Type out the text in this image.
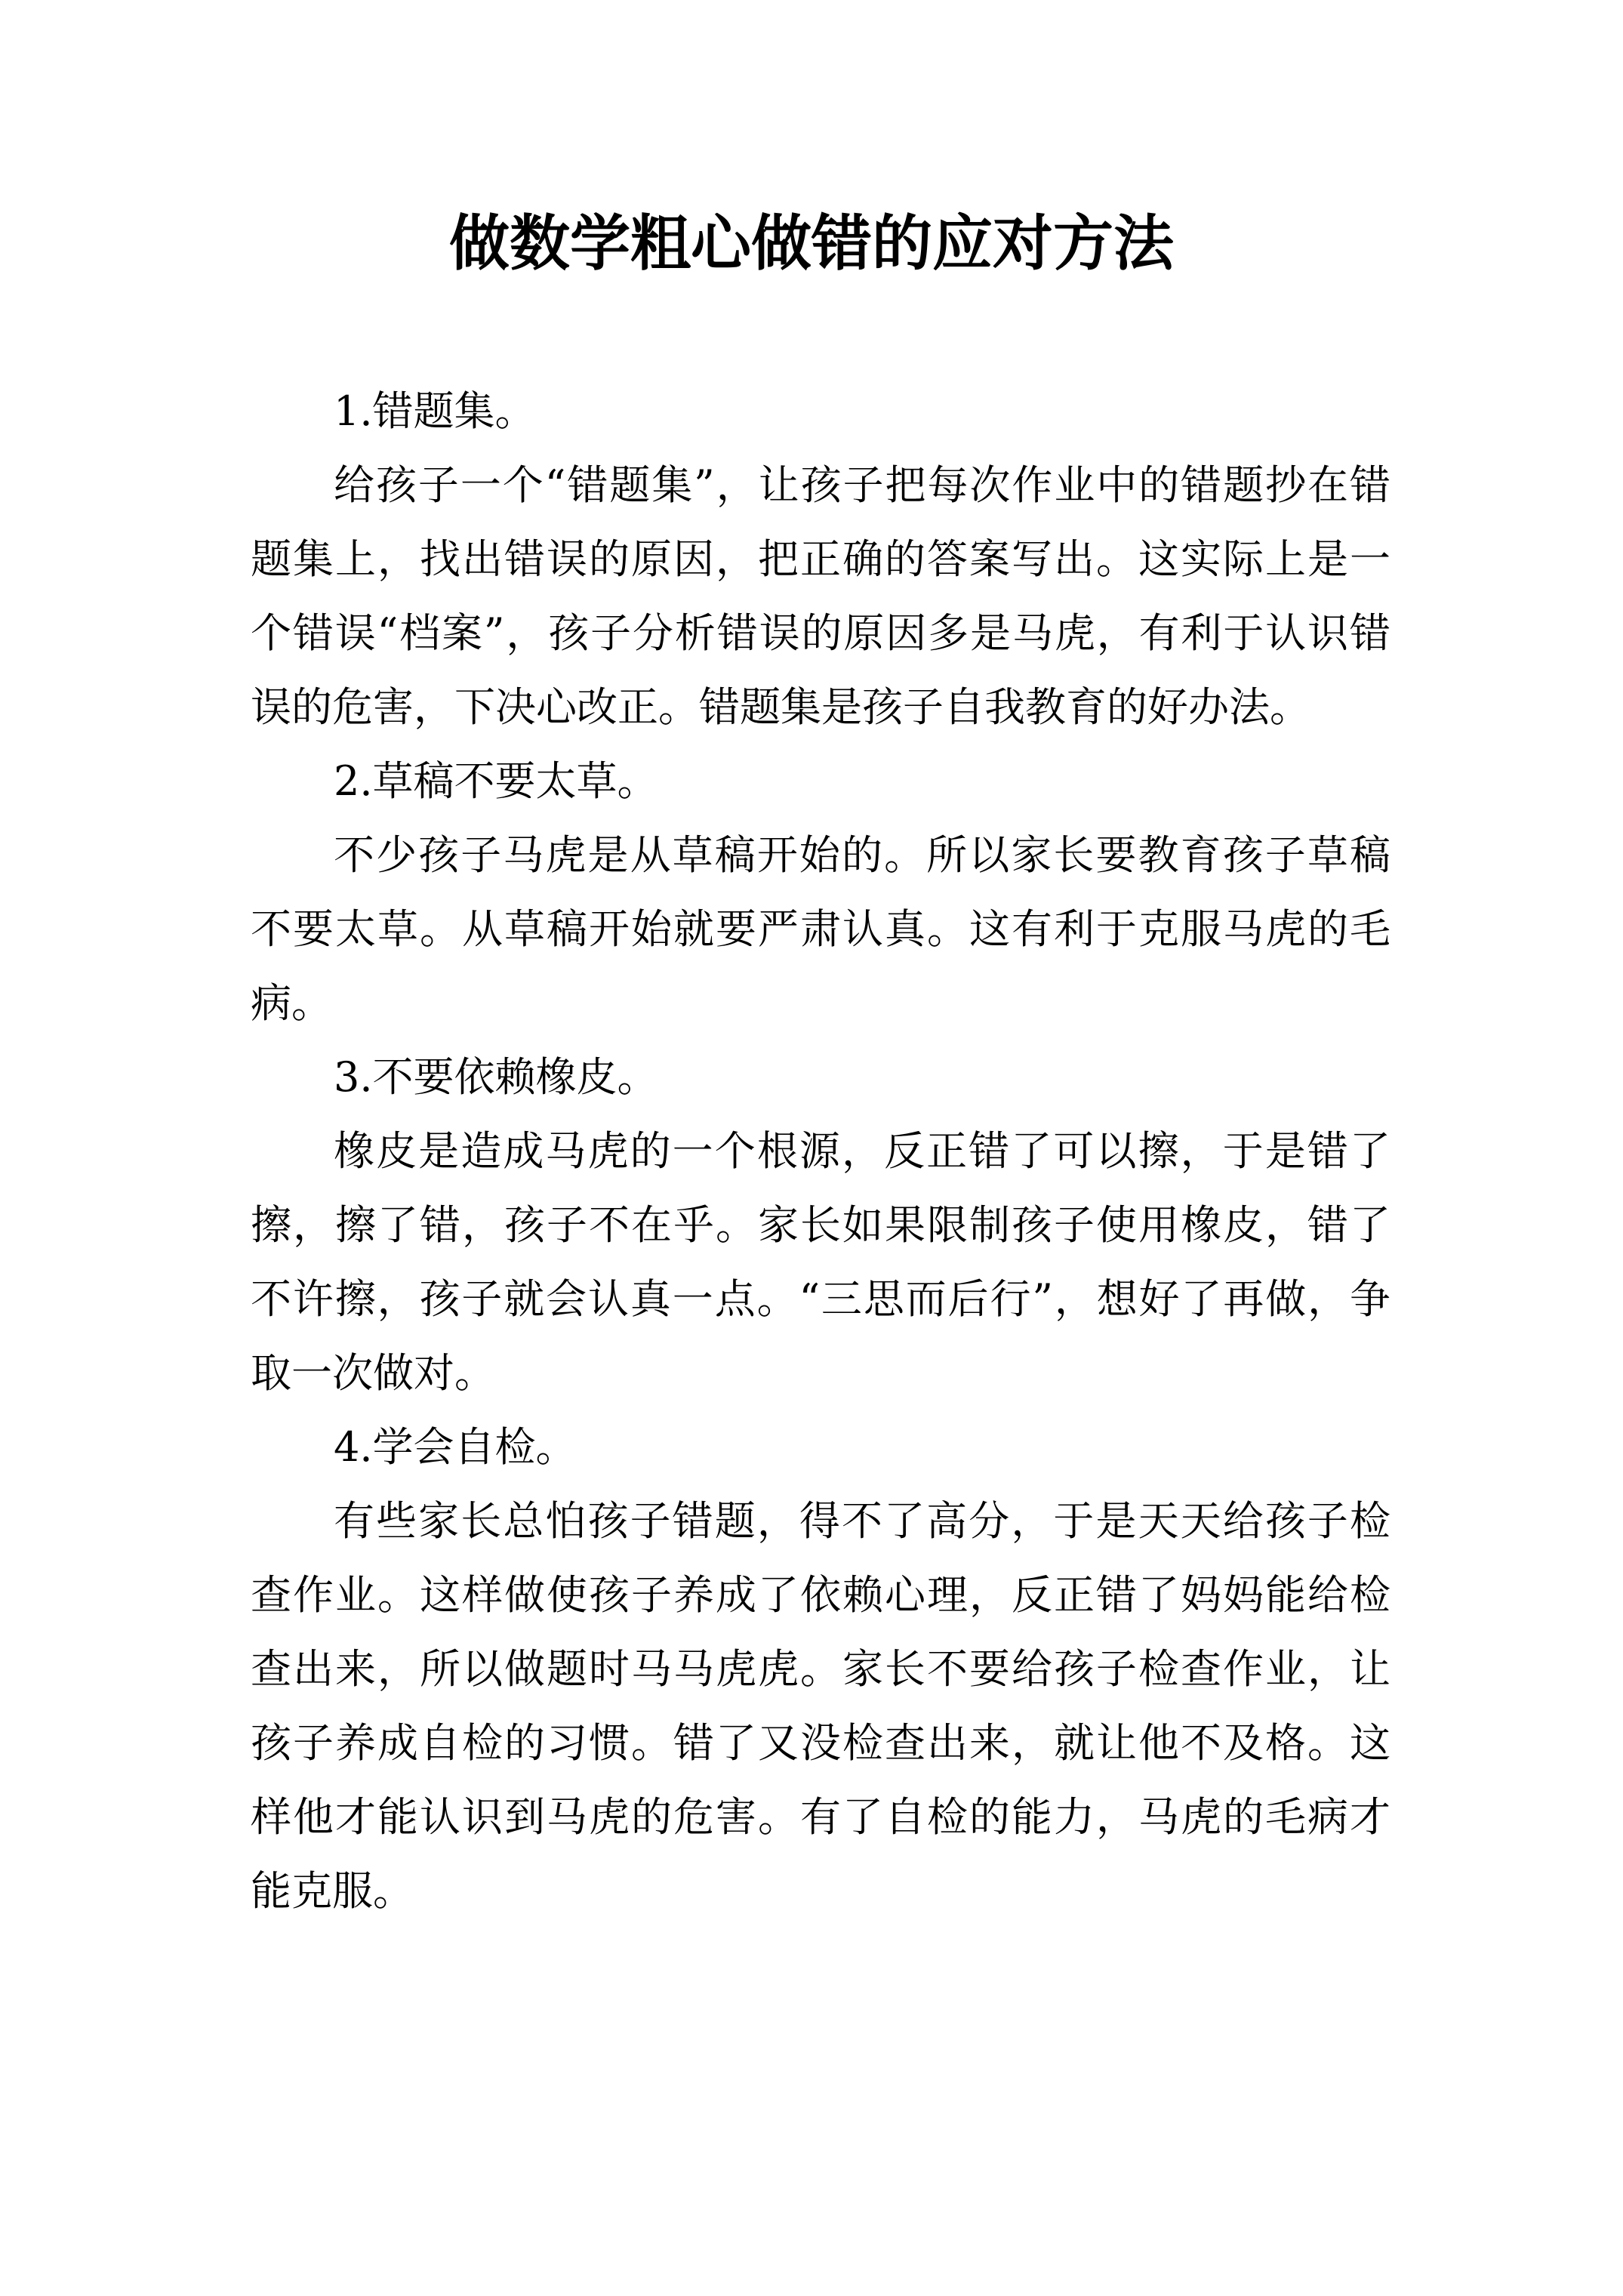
做数学粗心做错的应对方法

1.错题集。

给孩子一个“错题集”，让孩子把每次作业中的错题抄在错题集上，找出错误的原因，把正确的答案写出。这实际上是一个错误“档案”，孩子分析错误的原因多是马虎，有利于认识错误的危害，下决心改正。错题集是孩子自我教育的好办法。

2.草稿不要太草。

不少孩子马虎是从草稿开始的。所以家长要教育孩子草稿不要太草。从草稿开始就要严肃认真。这有利于克服马虎的毛病。

3.不要依赖橡皮。

橡皮是造成马虎的一个根源，反正错了可以擦，于是错了擦，擦了错，孩子不在乎。家长如果限制孩子使用橡皮，错了不许擦，孩子就会认真一点。“三思而后行”，想好了再做，争取一次做对。

4.学会自检。

有些家长总怕孩子错题，得不了高分，于是天天给孩子检查作业。这样做使孩子养成了依赖心理，反正错了妈妈能给检查出来，所以做题时马马虎虎。家长不要给孩子检查作业，让孩子养成自检的习惯。错了又没检查出来，就让他不及格。这样他才能认识到马虎的危害。有了自检的能力，马虎的毛病才能克服。
